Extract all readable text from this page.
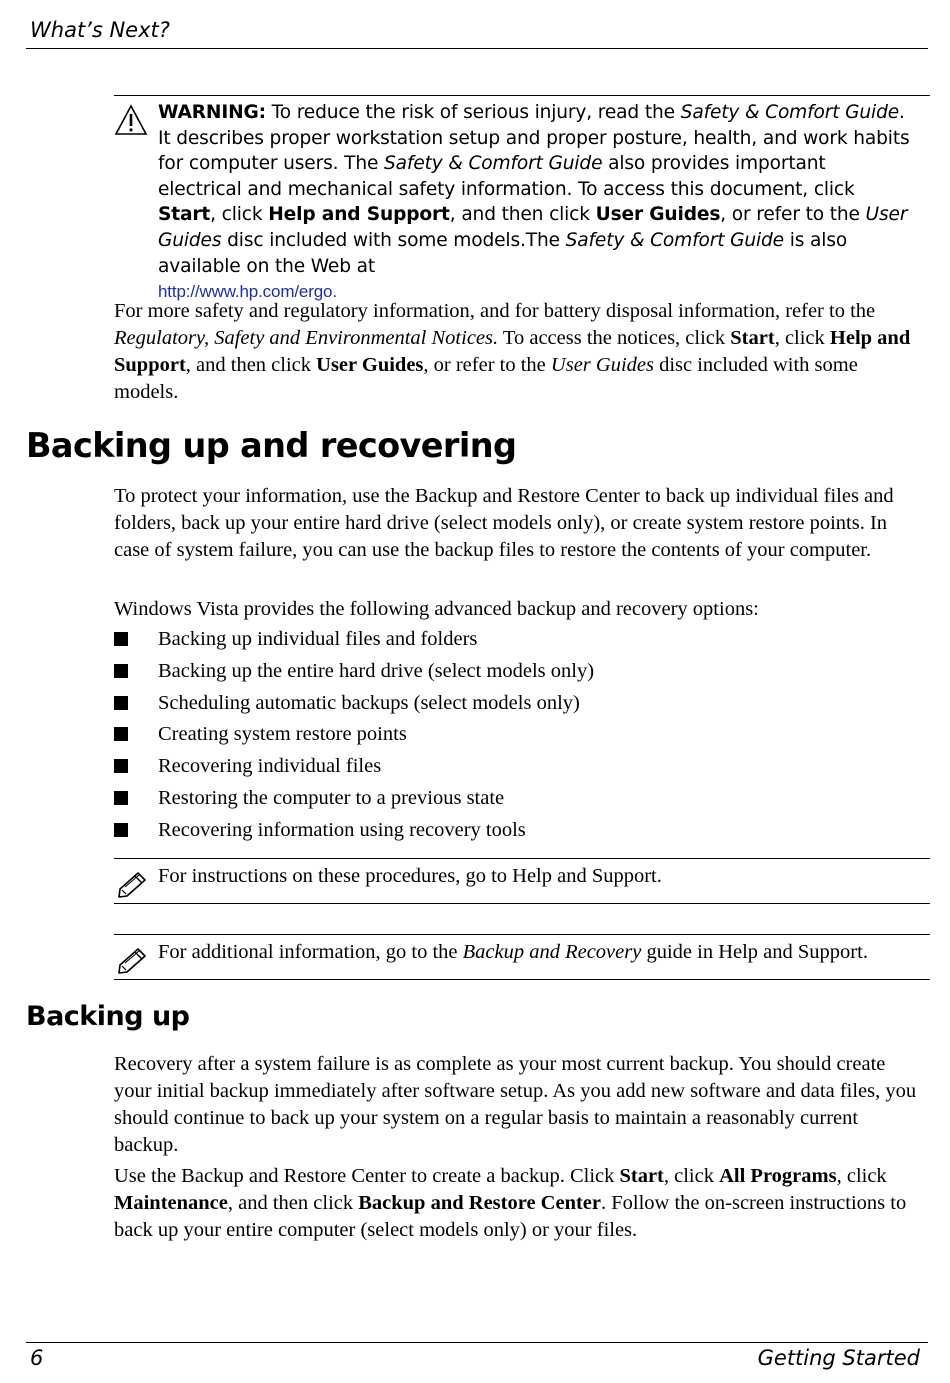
What’s Next?
WARNING: To reduce the risk of serious injury, read the Safety & Comfort Guide. It describes proper workstation setup and proper posture, health, and work habits for computer users. The Safety & Comfort Guide also provides important electrical and mechanical safety information. To access this document, click Start, click Help and Support, and then click User Guides, or refer to the User Guides disc included with some models.The Safety & Comfort Guide is also available on the Web at
http://www.hp.com/ergo.

For more safety and regulatory information, and for battery disposal information, refer to the Regulatory, Safety and Environmental Notices. To access the notices, click Start, click Help and Support, and then click User Guides, or refer to the User Guides disc included with some models.

Backing up and recovering

To protect your information, use the Backup and Restore Center to back up individual files and folders, back up your entire hard drive (select models only), or create system restore points. In case of system failure, you can use the backup files to restore the contents of your computer.

Windows Vista provides the following advanced backup and recovery options:

Backing up individual files and folders
Backing up the entire hard drive (select models only)
Scheduling automatic backups (select models only)
Creating system restore points
Recovering individual files
Restoring the computer to a previous state
Recovering information using recovery tools
For instructions on these procedures, go to Help and Support.
For additional information, go to the Backup and Recovery guide in Help and Support.
Backing up

Recovery after a system failure is as complete as your most current backup. You should create your initial backup immediately after software setup. As you add new software and data files, you should continue to back up your system on a regular basis to maintain a reasonably current backup.

Use the Backup and Restore Center to create a backup. Click Start, click All Programs, click Maintenance, and then click Backup and Restore Center. Follow the on-screen instructions to back up your entire computer (select models only) or your files.

6	Getting Started
